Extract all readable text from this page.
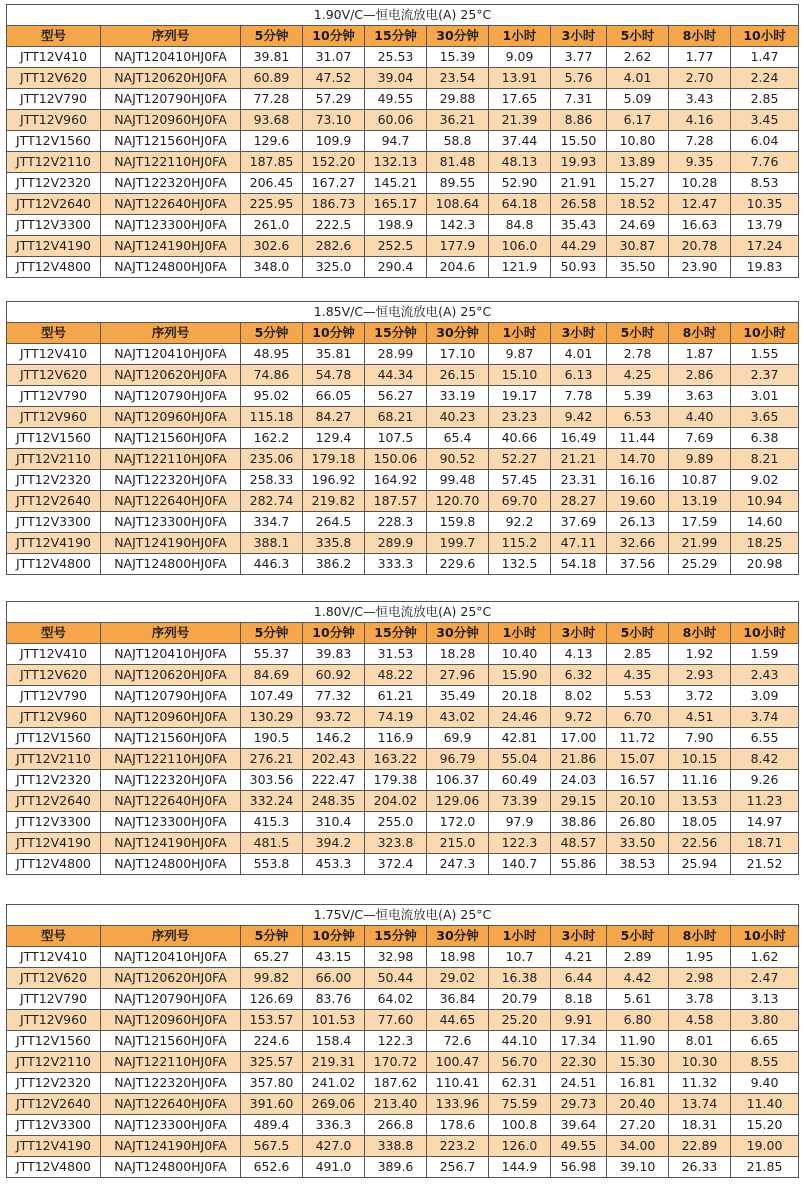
1.90V/C—恒电流放电(A) 25°C										
型号	序列号	5分钟	10分钟	15分钟	30分钟	1小时	3小时	5小时	8小时	10小时
JTT12V410	NAJT120410HJ0FA	39.81	31.07	25.53	15.39	9.09	3.77	2.62	1.77	1.47
JTT12V620	NAJT120620HJ0FA	60.89	47.52	39.04	23.54	13.91	5.76	4.01	2.70	2.24
JTT12V790	NAJT120790HJ0FA	77.28	57.29	49.55	29.88	17.65	7.31	5.09	3.43	2.85
JTT12V960	NAJT120960HJ0FA	93.68	73.10	60.06	36.21	21.39	8.86	6.17	4.16	3.45
JTT12V1560	NAJT121560HJ0FA	129.6	109.9	94.7	58.8	37.44	15.50	10.80	7.28	6.04
JTT12V2110	NAJT122110HJ0FA	187.85	152.20	132.13	81.48	48.13	19.93	13.89	9.35	7.76
JTT12V2320	NAJT122320HJ0FA	206.45	167.27	145.21	89.55	52.90	21.91	15.27	10.28	8.53
JTT12V2640	NAJT122640HJ0FA	225.95	186.73	165.17	108.64	64.18	26.58	18.52	12.47	10.35
JTT12V3300	NAJT123300HJ0FA	261.0	222.5	198.9	142.3	84.8	35.43	24.69	16.63	13.79
JTT12V4190	NAJT124190HJ0FA	302.6	282.6	252.5	177.9	106.0	44.29	30.87	20.78	17.24
JTT12V4800	NAJT124800HJ0FA	348.0	325.0	290.4	204.6	121.9	50.93	35.50	23.90	19.83
1.85V/C—恒电流放电(A) 25°C										
型号	序列号	5分钟	10分钟	15分钟	30分钟	1小时	3小时	5小时	8小时	10小时
JTT12V410	NAJT120410HJ0FA	48.95	35.81	28.99	17.10	9.87	4.01	2.78	1.87	1.55
JTT12V620	NAJT120620HJ0FA	74.86	54.78	44.34	26.15	15.10	6.13	4.25	2.86	2.37
JTT12V790	NAJT120790HJ0FA	95.02	66.05	56.27	33.19	19.17	7.78	5.39	3.63	3.01
JTT12V960	NAJT120960HJ0FA	115.18	84.27	68.21	40.23	23.23	9.42	6.53	4.40	3.65
JTT12V1560	NAJT121560HJ0FA	162.2	129.4	107.5	65.4	40.66	16.49	11.44	7.69	6.38
JTT12V2110	NAJT122110HJ0FA	235.06	179.18	150.06	90.52	52.27	21.21	14.70	9.89	8.21
JTT12V2320	NAJT122320HJ0FA	258.33	196.92	164.92	99.48	57.45	23.31	16.16	10.87	9.02
JTT12V2640	NAJT122640HJ0FA	282.74	219.82	187.57	120.70	69.70	28.27	19.60	13.19	10.94
JTT12V3300	NAJT123300HJ0FA	334.7	264.5	228.3	159.8	92.2	37.69	26.13	17.59	14.60
JTT12V4190	NAJT124190HJ0FA	388.1	335.8	289.9	199.7	115.2	47.11	32.66	21.99	18.25
JTT12V4800	NAJT124800HJ0FA	446.3	386.2	333.3	229.6	132.5	54.18	37.56	25.29	20.98
1.80V/C—恒电流放电(A) 25°C										
型号	序列号	5分钟	10分钟	15分钟	30分钟	1小时	3小时	5小时	8小时	10小时
JTT12V410	NAJT120410HJ0FA	55.37	39.83	31.53	18.28	10.40	4.13	2.85	1.92	1.59
JTT12V620	NAJT120620HJ0FA	84.69	60.92	48.22	27.96	15.90	6.32	4.35	2.93	2.43
JTT12V790	NAJT120790HJ0FA	107.49	77.32	61.21	35.49	20.18	8.02	5.53	3.72	3.09
JTT12V960	NAJT120960HJ0FA	130.29	93.72	74.19	43.02	24.46	9.72	6.70	4.51	3.74
JTT12V1560	NAJT121560HJ0FA	190.5	146.2	116.9	69.9	42.81	17.00	11.72	7.90	6.55
JTT12V2110	NAJT122110HJ0FA	276.21	202.43	163.22	96.79	55.04	21.86	15.07	10.15	8.42
JTT12V2320	NAJT122320HJ0FA	303.56	222.47	179.38	106.37	60.49	24.03	16.57	11.16	9.26
JTT12V2640	NAJT122640HJ0FA	332.24	248.35	204.02	129.06	73.39	29.15	20.10	13.53	11.23
JTT12V3300	NAJT123300HJ0FA	415.3	310.4	255.0	172.0	97.9	38.86	26.80	18.05	14.97
JTT12V4190	NAJT124190HJ0FA	481.5	394.2	323.8	215.0	122.3	48.57	33.50	22.56	18.71
JTT12V4800	NAJT124800HJ0FA	553.8	453.3	372.4	247.3	140.7	55.86	38.53	25.94	21.52
1.75V/C—恒电流放电(A) 25°C										
型号	序列号	5分钟	10分钟	15分钟	30分钟	1小时	3小时	5小时	8小时	10小时
JTT12V410	NAJT120410HJ0FA	65.27	43.15	32.98	18.98	10.7	4.21	2.89	1.95	1.62
JTT12V620	NAJT120620HJ0FA	99.82	66.00	50.44	29.02	16.38	6.44	4.42	2.98	2.47
JTT12V790	NAJT120790HJ0FA	126.69	83.76	64.02	36.84	20.79	8.18	5.61	3.78	3.13
JTT12V960	NAJT120960HJ0FA	153.57	101.53	77.60	44.65	25.20	9.91	6.80	4.58	3.80
JTT12V1560	NAJT121560HJ0FA	224.6	158.4	122.3	72.6	44.10	17.34	11.90	8.01	6.65
JTT12V2110	NAJT122110HJ0FA	325.57	219.31	170.72	100.47	56.70	22.30	15.30	10.30	8.55
JTT12V2320	NAJT122320HJ0FA	357.80	241.02	187.62	110.41	62.31	24.51	16.81	11.32	9.40
JTT12V2640	NAJT122640HJ0FA	391.60	269.06	213.40	133.96	75.59	29.73	20.40	13.74	11.40
JTT12V3300	NAJT123300HJ0FA	489.4	336.3	266.8	178.6	100.8	39.64	27.20	18.31	15.20
JTT12V4190	NAJT124190HJ0FA	567.5	427.0	338.8	223.2	126.0	49.55	34.00	22.89	19.00
JTT12V4800	NAJT124800HJ0FA	652.6	491.0	389.6	256.7	144.9	56.98	39.10	26.33	21.85
